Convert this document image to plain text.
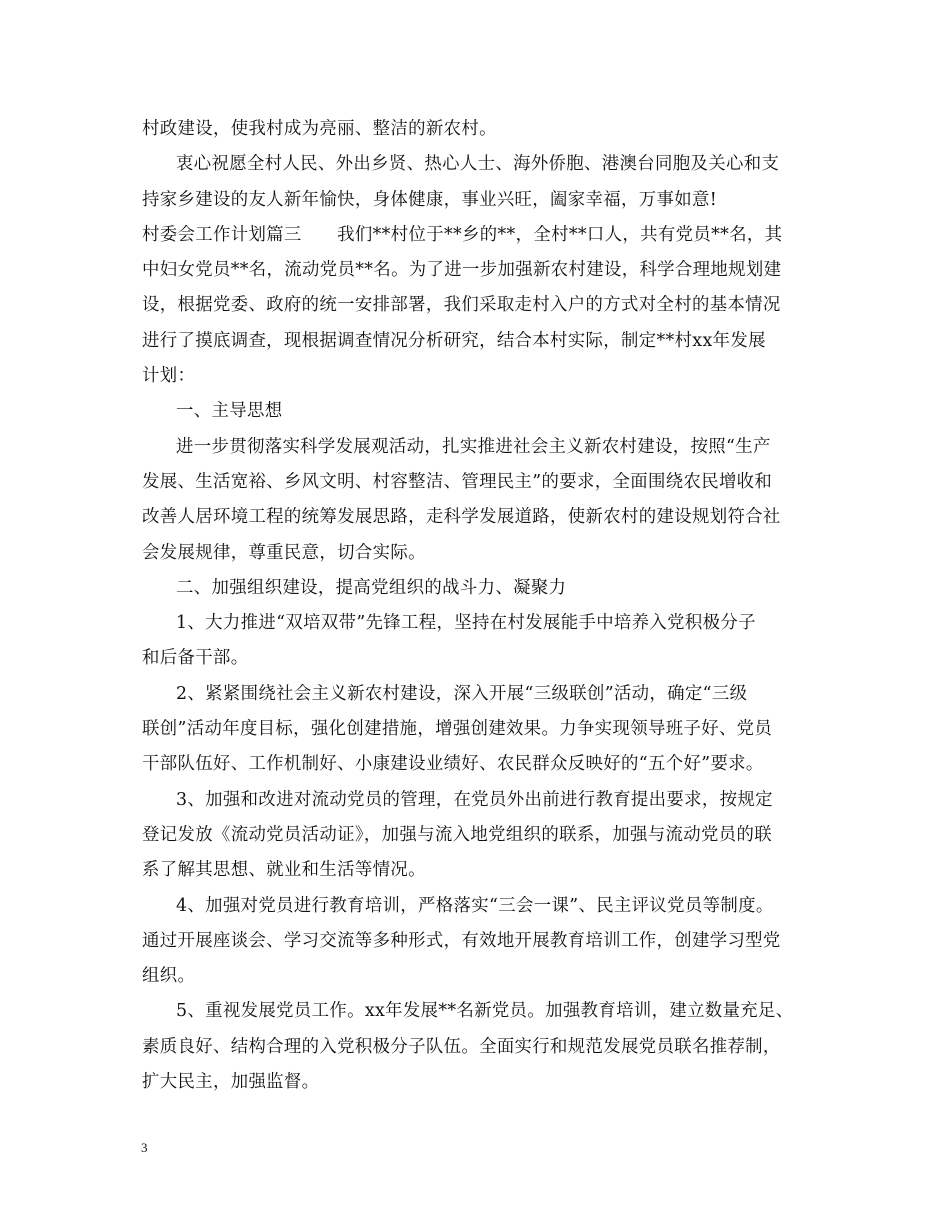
村政建设，使我村成为亮丽、整洁的新农村。
衷心祝愿全村人民、外出乡贤、热心人士、海外侨胞、港澳台同胞及关心和支
持家乡建设的友人新年愉快，身体健康，事业兴旺，阖家幸福，万事如意!
村委会工作计划篇三　　我们**村位于**乡的**，全村**口人，共有党员**名，其
中妇女党员**名，流动党员**名。为了进一步加强新农村建设，科学合理地规划建
设，根据党委、政府的统一安排部署，我们采取走村入户的方式对全村的基本情况
进行了摸底调查，现根据调查情况分析研究，结合本村实际，制定**村xx年发展
计划：
一、主导思想
进一步贯彻落实科学发展观活动，扎实推进社会主义新农村建设，按照“生产
发展、生活宽裕、乡风文明、村容整洁、管理民主”的要求，全面围绕农民增收和
改善人居环境工程的统筹发展思路，走科学发展道路，使新农村的建设规划符合社
会发展规律，尊重民意，切合实际。
二、加强组织建设，提高党组织的战斗力、凝聚力
1、大力推进“双培双带”先锋工程，坚持在村发展能手中培养入党积极分子
和后备干部。
2、紧紧围绕社会主义新农村建设，深入开展“三级联创”活动，确定“三级
联创”活动年度目标，强化创建措施，增强创建效果。力争实现领导班子好、党员
干部队伍好、工作机制好、小康建设业绩好、农民群众反映好的“五个好”要求。
3、加强和改进对流动党员的管理，在党员外出前进行教育提出要求，按规定
登记发放《流动党员活动证》，加强与流入地党组织的联系，加强与流动党员的联
系了解其思想、就业和生活等情况。
4、加强对党员进行教育培训，严格落实“三会一课”、民主评议党员等制度。
通过开展座谈会、学习交流等多种形式，有效地开展教育培训工作，创建学习型党
组织。
5、重视发展党员工作。xx年发展**名新党员。加强教育培训，建立数量充足、
素质良好、结构合理的入党积极分子队伍。全面实行和规范发展党员联名推荐制，
扩大民主，加强监督。
3
